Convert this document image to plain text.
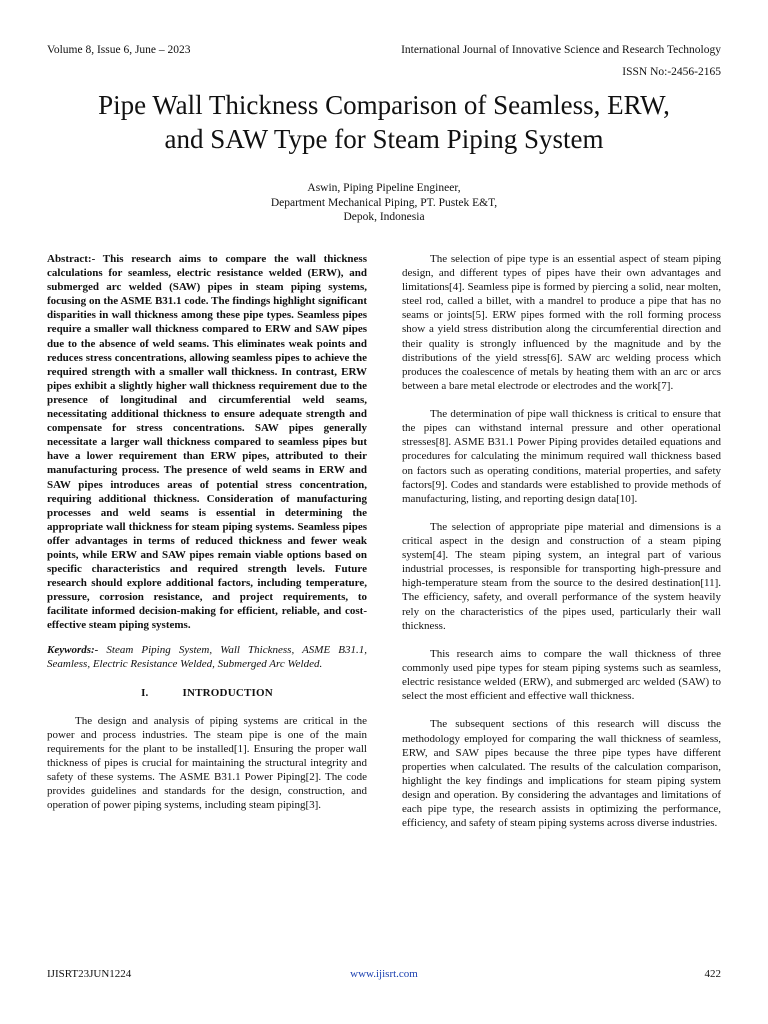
Volume 8, Issue 6, June – 2023	International Journal of Innovative Science and Research Technology
ISSN No:-2456-2165
Pipe Wall Thickness Comparison of Seamless, ERW,
and SAW Type for Steam Piping System
Aswin, Piping Pipeline Engineer,
Department Mechanical Piping, PT. Pustek E&T,
Depok, Indonesia

Abstract:- This research aims to compare the wall thickness calculations for seamless, electric resistance welded (ERW), and submerged arc welded (SAW) pipes in steam piping systems, focusing on the ASME B31.1 code. The findings highlight significant disparities in wall thickness among these pipe types. Seamless pipes require a smaller wall thickness compared to ERW and SAW pipes due to the absence of weld seams. This eliminates weak points and reduces stress concentrations, allowing seamless pipes to achieve the required strength with a smaller wall thickness. In contrast, ERW pipes exhibit a slightly higher wall thickness requirement due to the presence of longitudinal and circumferential weld seams, necessitating additional thickness to ensure adequate strength and compensate for stress concentrations. SAW pipes generally necessitate a larger wall thickness compared to seamless pipes but have a lower requirement than ERW pipes, attributed to their manufacturing process. The presence of weld seams in ERW and SAW pipes introduces areas of potential stress concentration, requiring additional thickness. Consideration of manufacturing processes and weld seams is essential in determining the appropriate wall thickness for steam piping systems. Seamless pipes offer advantages in terms of reduced thickness and fewer weak points, while ERW and SAW pipes remain viable options based on specific characteristics and required strength levels. Future research should explore additional factors, including temperature, pressure, corrosion resistance, and project requirements, to facilitate informed decision-making for efficient, reliable, and cost-effective steam piping systems.

Keywords:- Steam Piping System, Wall Thickness, ASME B31.1, Seamless, Electric Resistance Welded, Submerged Arc Welded.

I.	INTRODUCTION

The design and analysis of piping systems are critical in the power and process industries. The steam pipe is one of the main requirements for the plant to be installed[1]. Ensuring the proper wall thickness of pipes is crucial for maintaining the structural integrity and safety of these systems. The ASME B31.1 Power Piping[2]. The code provides guidelines and standards for the design, construction, and operation of power piping systems, including steam piping[3].

The selection of pipe type is an essential aspect of steam piping design, and different types of pipes have their own advantages and limitations[4]. Seamless pipe is formed by piercing a solid, near molten, steel rod, called a billet, with a mandrel to produce a pipe that has no seams or joints[5]. ERW pipes formed with the roll forming process show a yield stress distribution along the circumferential direction and their quality is strongly influenced by the magnitude and by the distributions of the yield stress[6]. SAW arc welding process which produces the coalescence of metals by heating them with an arc or arcs between a bare metal electrode or electrodes and the work[7].

The determination of pipe wall thickness is critical to ensure that the pipes can withstand internal pressure and other operational stresses[8]. ASME B31.1 Power Piping provides detailed equations and procedures for calculating the minimum required wall thickness based on factors such as operating conditions, material properties, and safety factors[9]. Codes and standards were established to provide methods of manufacturing, listing, and reporting design data[10].

The selection of appropriate pipe material and dimensions is a critical aspect in the design and construction of a steam piping system[4]. The steam piping system, an integral part of various industrial processes, is responsible for transporting high-pressure and high-temperature steam from the source to the desired destination[11]. The efficiency, safety, and overall performance of the system heavily rely on the characteristics of the pipes used, particularly their wall thickness.

This research aims to compare the wall thickness of three commonly used pipe types for steam piping systems such as seamless, electric resistance welded (ERW), and submerged arc welded (SAW) to select the most efficient and effective wall thickness.

The subsequent sections of this research will discuss the methodology employed for comparing the wall thickness of seamless, ERW, and SAW pipes because the three pipe types have different properties when calculated. The results of the calculation comparison, highlight the key findings and implications for steam piping system design and operation. By considering the advantages and limitations of each pipe type, the research assists in optimizing the performance, efficiency, and safety of steam piping systems across diverse industries.

IJISRT23JUN1224	www.ijisrt.com	422
